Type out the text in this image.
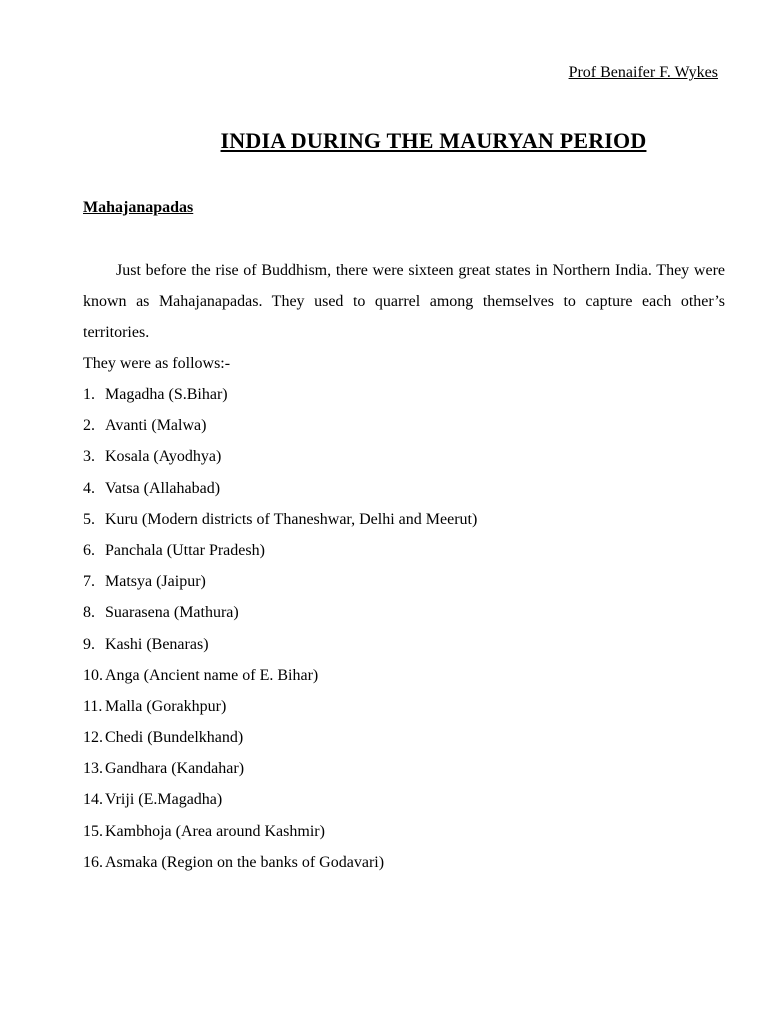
Prof Benaifer F. Wykes
INDIA DURING THE MAURYAN PERIOD
Mahajanapadas

Just before the rise of Buddhism, there were sixteen great states in Northern India. They were known as Mahajanapadas. They used to quarrel among themselves to capture each other’s territories.

They were as follows:-

1. Magadha (S.Bihar)
2. Avanti (Malwa)
3. Kosala (Ayodhya)
4. Vatsa (Allahabad)
5. Kuru (Modern districts of Thaneshwar, Delhi and Meerut)
6. Panchala (Uttar Pradesh)
7. Matsya (Jaipur)
8. Suarasena (Mathura)
9. Kashi (Benaras)
10. Anga (Ancient name of E. Bihar)
11. Malla (Gorakhpur)
12. Chedi (Bundelkhand)
13. Gandhara (Kandahar)
14. Vriji (E.Magadha)
15. Kambhoja (Area around Kashmir)
16. Asmaka (Region on the banks of Godavari)
